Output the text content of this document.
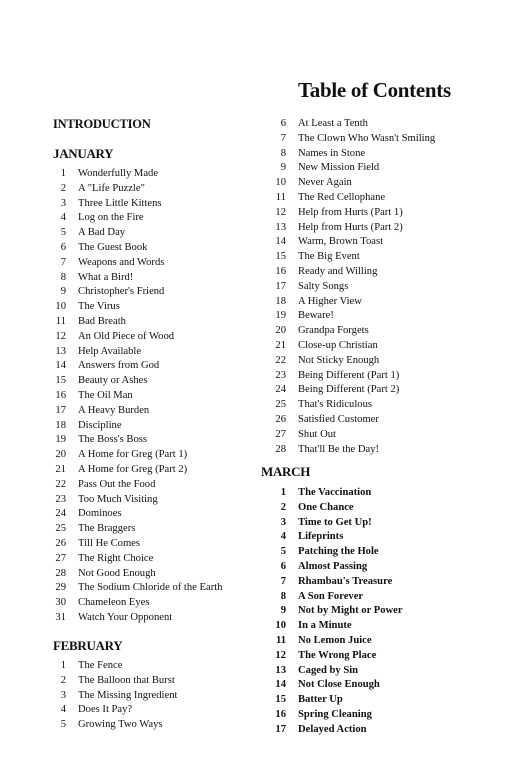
Table of Contents
INTRODUCTION
JANUARY
1 Wonderfully Made
2 A "Life Puzzle"
3 Three Little Kittens
4 Log on the Fire
5 A Bad Day
6 The Guest Book
7 Weapons and Words
8 What a Bird!
9 Christopher's Friend
10 The Virus
11 Bad Breath
12 An Old Piece of Wood
13 Help Available
14 Answers from God
15 Beauty or Ashes
16 The Oil Man
17 A Heavy Burden
18 Discipline
19 The Boss's Boss
20 A Home for Greg (Part 1)
21 A Home for Greg (Part 2)
22 Pass Out the Food
23 Too Much Visiting
24 Dominoes
25 The Braggers
26 Till He Comes
27 The Right Choice
28 Not Good Enough
29 The Sodium Chloride of the Earth
30 Chameleon Eyes
31 Watch Your Opponent
FEBRUARY
1 The Fence
2 The Balloon that Burst
3 The Missing Ingredient
4 Does It Pay?
5 Growing Two Ways
6 At Least a Tenth
7 The Clown Who Wasn't Smiling
8 Names in Stone
9 New Mission Field
10 Never Again
11 The Red Cellophane
12 Help from Hurts (Part 1)
13 Help from Hurts (Part 2)
14 Warm, Brown Toast
15 The Big Event
16 Ready and Willing
17 Salty Songs
18 A Higher View
19 Beware!
20 Grandpa Forgets
21 Close-up Christian
22 Not Sticky Enough
23 Being Different (Part 1)
24 Being Different (Part 2)
25 That's Ridiculous
26 Satisfied Customer
27 Shut Out
28 That'll Be the Day!
MARCH
1 The Vaccination
2 One Chance
3 Time to Get Up!
4 Lifeprints
5 Patching the Hole
6 Almost Passing
7 Rhambau's Treasure
8 A Son Forever
9 Not by Might or Power
10 In a Minute
11 No Lemon Juice
12 The Wrong Place
13 Caged by Sin
14 Not Close Enough
15 Batter Up
16 Spring Cleaning
17 Delayed Action
